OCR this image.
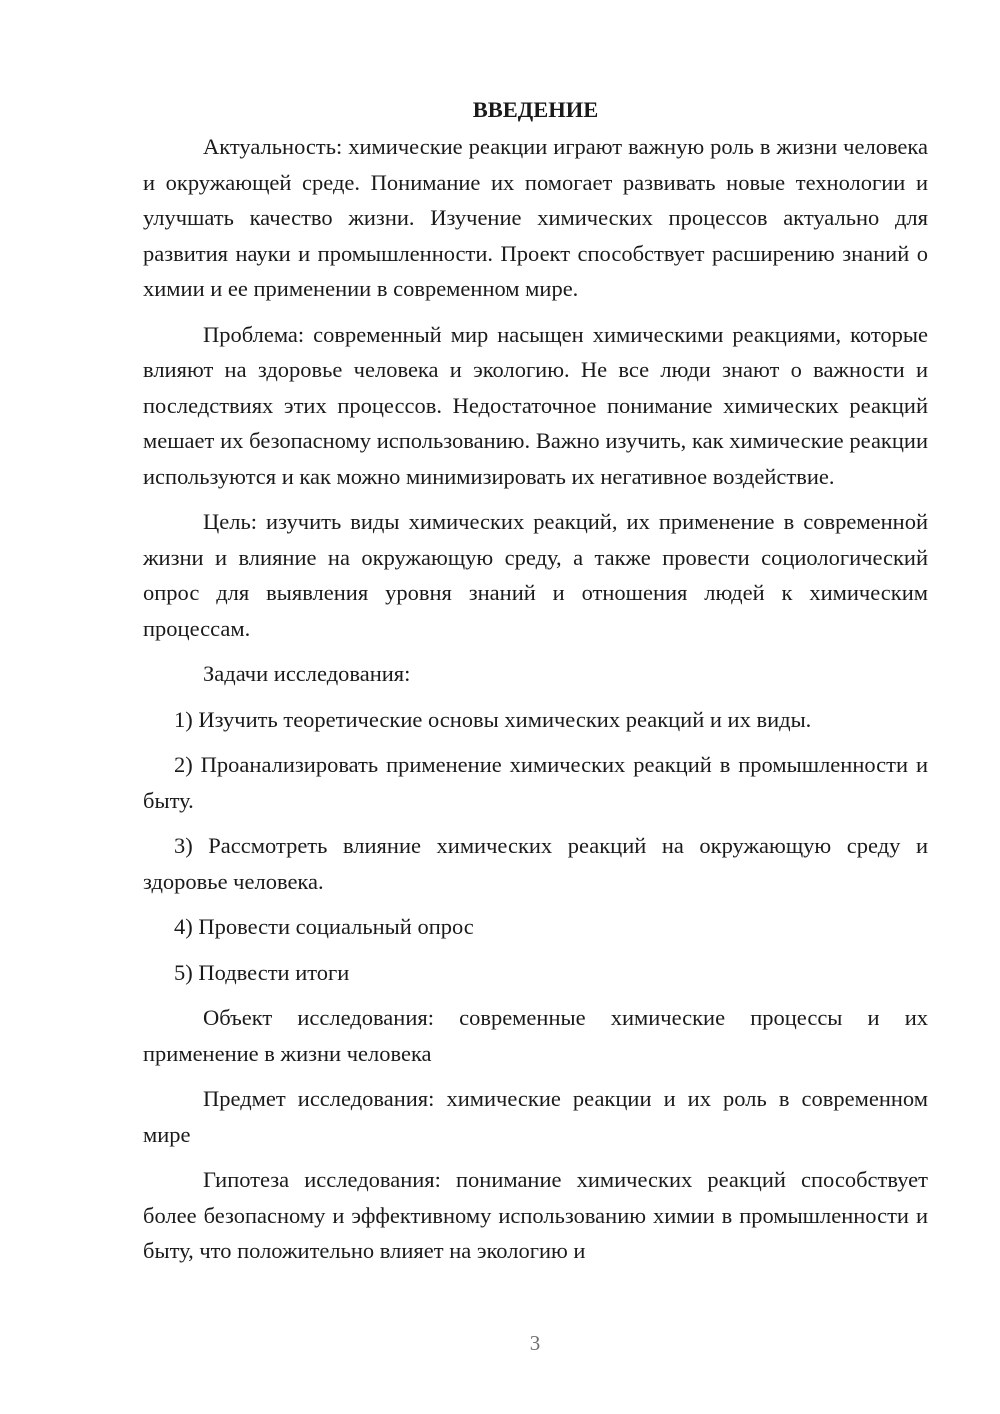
ВВЕДЕНИЕ

Актуальность: химические реакции играют важную роль в жизни человека и окружающей среде. Понимание их помогает развивать новые технологии и улучшать качество жизни. Изучение химических процессов актуально для развития науки и промышленности. Проект способствует расширению знаний о химии и ее применении в современном мире.

Проблема: современный мир насыщен химическими реакциями, которые влияют на здоровье человека и экологию. Не все люди знают о важности и последствиях этих процессов. Недостаточное понимание химических реакций мешает их безопасному использованию. Важно изучить, как химические реакции используются и как можно минимизировать их негативное воздействие.

Цель: изучить виды химических реакций, их применение в современной жизни и влияние на окружающую среду, а также провести социологический опрос для выявления уровня знаний и отношения людей к химическим процессам.

Задачи исследования:

1) Изучить теоретические основы химических реакций и их виды.

2) Проанализировать применение химических реакций в промышленности и быту.

3) Рассмотреть влияние химических реакций на окружающую среду и здоровье человека.

4) Провести социальный опрос

5) Подвести итоги

Объект исследования: современные химические процессы и их применение в жизни человека

Предмет исследования: химические реакции и их роль в современном мире

Гипотеза исследования: понимание химических реакций способствует более безопасному и эффективному использованию химии в промышленности и быту, что положительно влияет на экологию и

3
